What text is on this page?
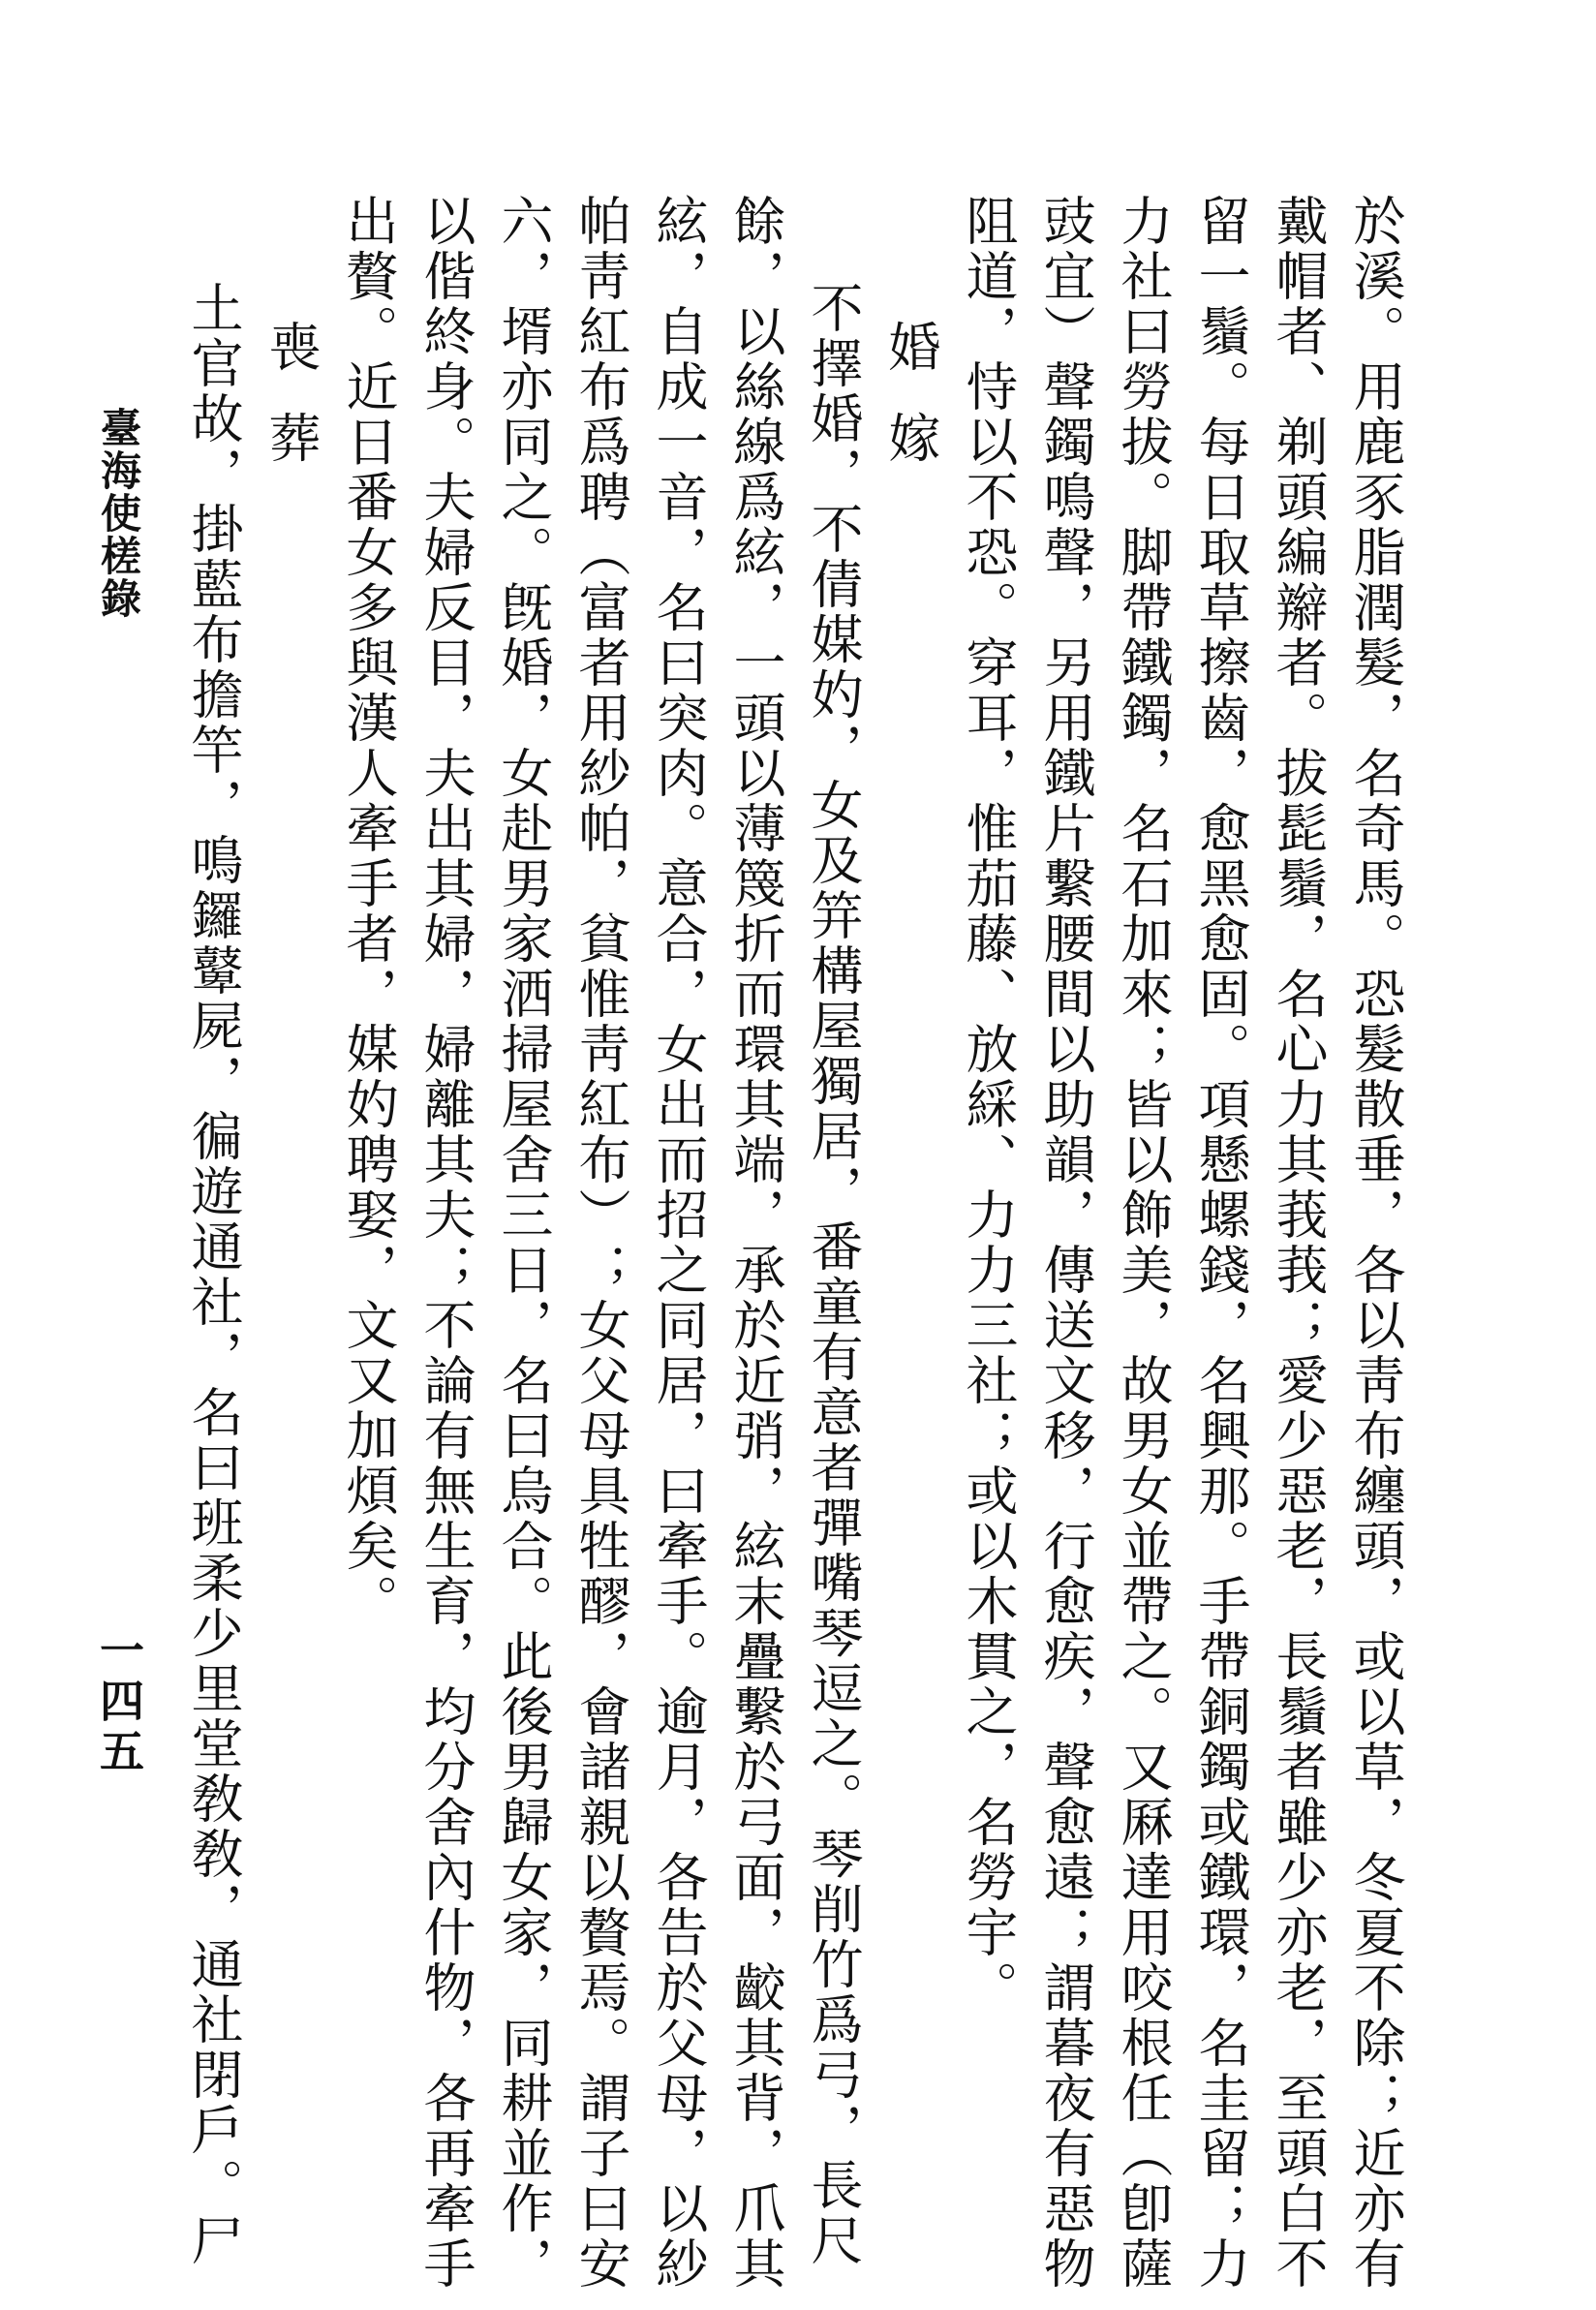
於溪。用鹿豕脂潤髮，名奇馬。恐髮散垂，各以靑布纏頭，或以草，冬夏不除；近亦有
戴帽者、剃頭編辮者。拔髭鬚，名心力其莪莪；愛少惡老，長鬚者雖少亦老，至頭白不
留一鬚。每日取草擦齒，愈黑愈固。項懸螺錢，名興那。手帶銅鐲或鐵環，名圭留；力
力社曰勞拔。脚帶鐵鐲，名石加來；皆以飾美，故男女並帶之。又厤達用咬根任（卽薩
豉宜）聲鐲鳴聲，另用鐵片繫腰間以助韻，傳送文移，行愈疾，聲愈遠；謂暮夜有惡物
阻道，恃以不恐。穿耳，惟茄藤、放綵、力力三社；或以木貫之，名勞宇。
婚嫁
不擇婚，不倩媒妁，女及笄構屋獨居，番童有意者彈嘴琴逗之。琴削竹爲弓，長尺
餘，以絲線爲絃，一頭以薄篾折而環其端，承於近弰，絃末疊繫於弓面，齩其背，爪其
絃，自成一音，名曰突肉。意合，女出而招之同居，曰牽手。逾月，各告於父母，以紗
帕靑紅布爲聘（富者用紗帕，貧惟靑紅布）；女父母具牲醪，會諸親以贅焉。謂子曰安
六，壻亦同之。旣婚，女赴男家洒掃屋舍三日，名曰烏合。此後男歸女家，同耕並作，
以偕終身。夫婦反目，夫出其婦，婦離其夫；不論有無生育，均分舍內什物，各再牽手
出贅。近日番女多與漢人牽手者，媒妁聘娶，文又加煩矣。
喪葬
土官故，掛藍布擔竿，鳴鑼鼙屍，徧遊通社，名曰班柔少里堂敎敎，通社閉戶。尸
臺海使槎錄
一四五
